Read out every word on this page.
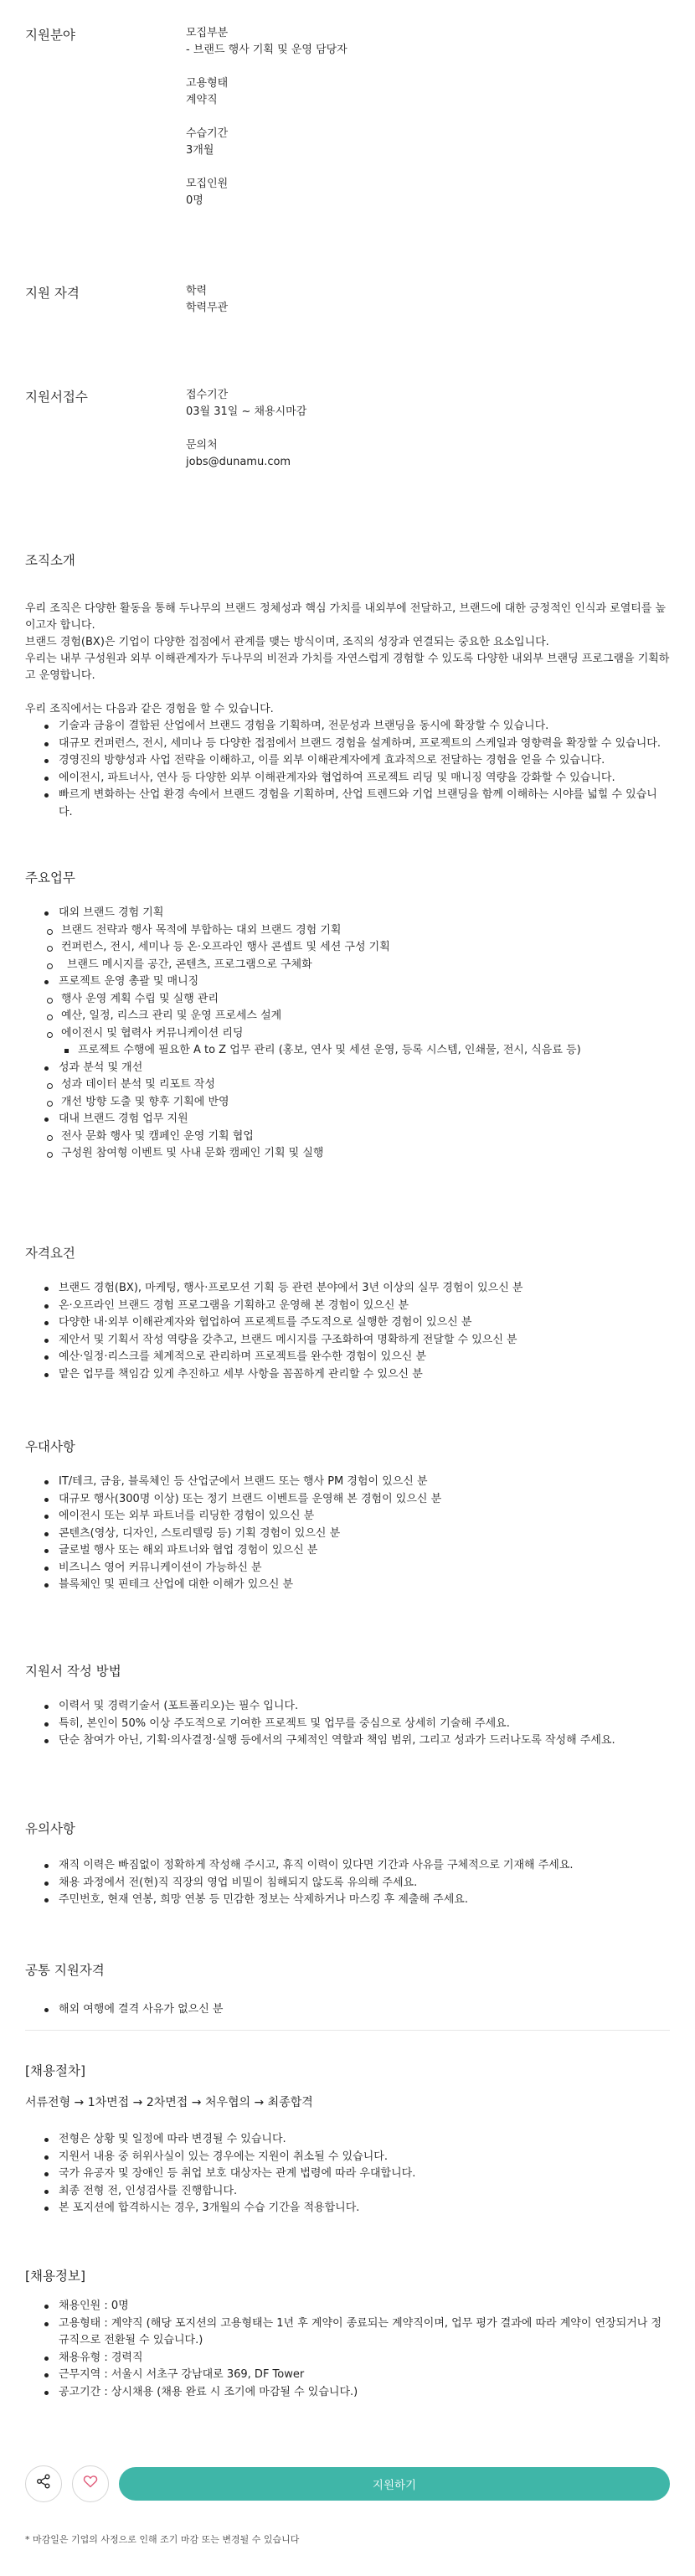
지원분야	모집부분
- 브랜드 행사 기획 및 운영 담당자
고용형태
계약직
수습기간
3개월
모집인원
0명
지원 자격	학력
학력무관
지원서접수	접수기간
03월 31일 ~ 채용시마감
문의처
jobs@dunamu.com
조직소개
우리 조직은 다양한 활동을 통해 두나무의 브랜드 정체성과 핵심 가치를 내외부에 전달하고, 브랜드에 대한 긍정적인 인식과 로열티를 높이고자 합니다.
브랜드 경험(BX)은 기업이 다양한 접점에서 관계를 맺는 방식이며, 조직의 성장과 연결되는 중요한 요소입니다.
우리는 내부 구성원과 외부 이해관계자가 두나무의 비전과 가치를 자연스럽게 경험할 수 있도록 다양한 내외부 브랜딩 프로그램을 기획하고 운영합니다.
우리 조직에서는 다음과 같은 경험을 할 수 있습니다.
기술과 금융이 결합된 산업에서 브랜드 경험을 기획하며, 전문성과 브랜딩을 동시에 확장할 수 있습니다.
대규모 컨퍼런스, 전시, 세미나 등 다양한 접점에서 브랜드 경험을 설계하며, 프로젝트의 스케일과 영향력을 확장할 수 있습니다.
경영진의 방향성과 사업 전략을 이해하고, 이를 외부 이해관계자에게 효과적으로 전달하는 경험을 얻을 수 있습니다.
에이전시, 파트너사, 연사 등 다양한 외부 이해관계자와 협업하여 프로젝트 리딩 및 매니징 역량을 강화할 수 있습니다.
빠르게 변화하는 산업 환경 속에서 브랜드 경험을 기획하며, 산업 트렌드와 기업 브랜딩을 함께 이해하는 시야를 넓힐 수 있습니다.
주요업무
대외 브랜드 경험 기획
브랜드 전략과 행사 목적에 부합하는 대외 브랜드 경험 기획
컨퍼런스, 전시, 세미나 등 온·오프라인 행사 콘셉트 및 세션 구성 기획
브랜드 메시지를 공간, 콘텐츠, 프로그램으로 구체화
프로젝트 운영 총괄 및 매니징
행사 운영 계획 수립 및 실행 관리
예산, 일정, 리스크 관리 및 운영 프로세스 설계
에이전시 및 협력사 커뮤니케이션 리딩
프로젝트 수행에 필요한 A to Z 업무 관리 (홍보, 연사 및 세션 운영, 등록 시스템, 인쇄물, 전시, 식음료 등)
성과 분석 및 개선
성과 데이터 분석 및 리포트 작성
개선 방향 도출 및 향후 기획에 반영
대내 브랜드 경험 업무 지원
전사 문화 행사 및 캠페인 운영 기획 협업
구성원 참여형 이벤트 및 사내 문화 캠페인 기획 및 실행
자격요건
브랜드 경험(BX), 마케팅, 행사·프로모션 기획 등 관련 분야에서 3년 이상의 실무 경험이 있으신 분
온·오프라인 브랜드 경험 프로그램을 기획하고 운영해 본 경험이 있으신 분
다양한 내·외부 이해관계자와 협업하여 프로젝트를 주도적으로 실행한 경험이 있으신 분
제안서 및 기획서 작성 역량을 갖추고, 브랜드 메시지를 구조화하여 명확하게 전달할 수 있으신 분
예산·일정·리스크를 체계적으로 관리하며 프로젝트를 완수한 경험이 있으신 분
맡은 업무를 책임감 있게 추진하고 세부 사항을 꼼꼼하게 관리할 수 있으신 분
우대사항
IT/테크, 금융, 블록체인 등 산업군에서 브랜드 또는 행사 PM 경험이 있으신 분
대규모 행사(300명 이상) 또는 정기 브랜드 이벤트를 운영해 본 경험이 있으신 분
에이전시 또는 외부 파트너를 리딩한 경험이 있으신 분
콘텐츠(영상, 디자인, 스토리텔링 등) 기획 경험이 있으신 분
글로벌 행사 또는 해외 파트너와 협업 경험이 있으신 분
비즈니스 영어 커뮤니케이션이 가능하신 분
블록체인 및 핀테크 산업에 대한 이해가 있으신 분
지원서 작성 방법
이력서 및 경력기술서 (포트폴리오)는 필수 입니다.
특히, 본인이 50% 이상 주도적으로 기여한 프로젝트 및 업무를 중심으로 상세히 기술해 주세요.
단순 참여가 아닌, 기획·의사결정·실행 등에서의 구체적인 역할과 책임 범위, 그리고 성과가 드러나도록 작성해 주세요.
유의사항
재직 이력은 빠짐없이 정확하게 작성해 주시고, 휴직 이력이 있다면 기간과 사유를 구체적으로 기재해 주세요.
채용 과정에서 전(현)직 직장의 영업 비밀이 침해되지 않도록 유의해 주세요.
주민번호, 현재 연봉, 희망 연봉 등 민감한 정보는 삭제하거나 마스킹 후 제출해 주세요.
공통 지원자격
해외 여행에 결격 사유가 없으신 분
[채용절차]
서류전형 → 1차면접 → 2차면접 → 처우협의 → 최종합격
전형은 상황 및 일정에 따라 변경될 수 있습니다.
지원서 내용 중 허위사실이 있는 경우에는 지원이 취소될 수 있습니다.
국가 유공자 및 장애인 등 취업 보호 대상자는 관계 법령에 따라 우대합니다.
최종 전형 전, 인성검사를 진행합니다.
본 포지션에 합격하시는 경우, 3개월의 수습 기간을 적용합니다.
[채용정보]
채용인원 : 0명
고용형태 : 계약직 (해당 포지션의 고용형태는 1년 후 계약이 종료되는 계약직이며, 업무 평가 결과에 따라 계약이 연장되거나 정규직으로 전환될 수 있습니다.)
채용유형 : 경력직
근무지역 : 서울시 서초구 강남대로 369, DF Tower
공고기간 : 상시채용 (채용 완료 시 조기에 마감될 수 있습니다.)
지원하기
* 마감일은 기업의 사정으로 인해 조기 마감 또는 변경될 수 있습니다
